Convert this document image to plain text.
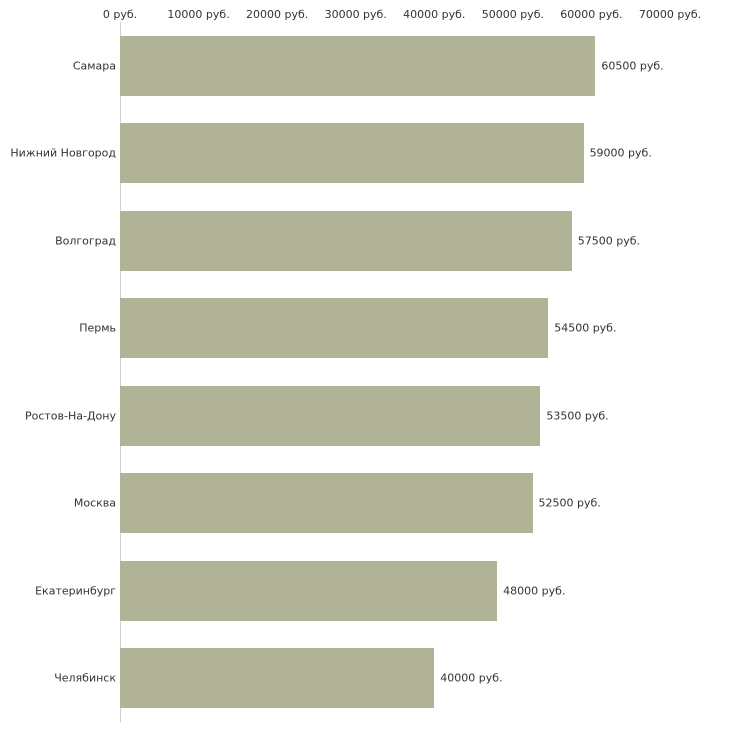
0 руб.	10000 руб. 20000 руб. 30000 руб. 40000 руб. 50000 руб. 60000 руб. 70000 руб.
60500 руб.
59000 руб.
57500 руб.
54500 руб.
53500 руб.
52500 руб.
48000 руб.
40000 руб.
Самара
Нижний Новгород
Волгоград
Пермь
Ростов-На-Дону
Москва
Екатеринбург
Челябинск
